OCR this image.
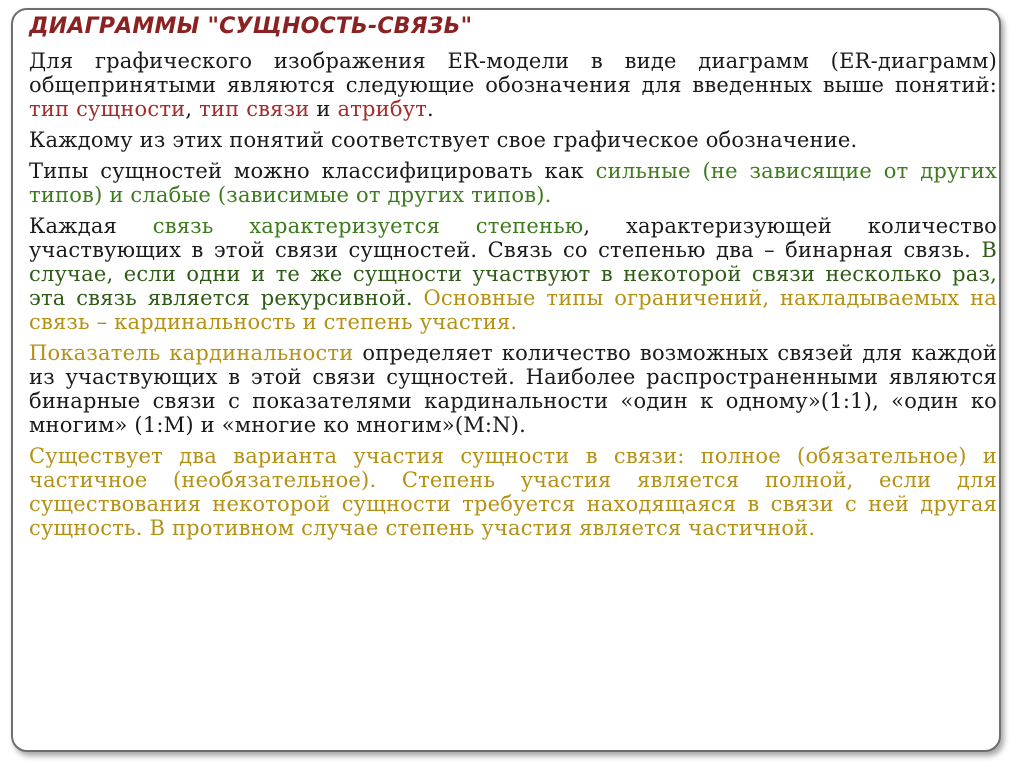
ДИАГРАММЫ "СУЩНОСТЬ-СВЯЗЬ"

Для графического изображения ER-модели в виде диаграмм (ER-диаграмм) общепринятыми являются следующие обозначения для введенных выше понятий: тип сущности, тип связи и атрибут.

Каждому из этих понятий соответствует свое графическое обозначение.

Типы сущностей можно классифицировать как сильные (не зависящие от других типов) и слабые (зависимые от других типов).

Каждая связь характеризуется степенью, характеризующей количество участвующих в этой связи сущностей. Связь со степенью два – бинарная связь. В случае, если одни и те же сущности участвуют в некоторой связи несколько раз, эта связь является рекурсивной. Основные типы ограничений, накладываемых на связь – кардинальность и степень участия.

Показатель кардинальности определяет количество возможных связей для каждой из участвующих в этой связи сущностей. Наиболее распространенными являются бинарные связи с показателями кардинальности «один к одному»(1:1), «один ко многим» (1:M) и «многие ко многим»(M:N).

Существует два варианта участия сущности в связи: полное (обязательное) и частичное (необязательное). Степень участия является полной, если для существования некоторой сущности требуется находящаяся в связи с ней другая сущность. В противном случае степень участия является частичной.
